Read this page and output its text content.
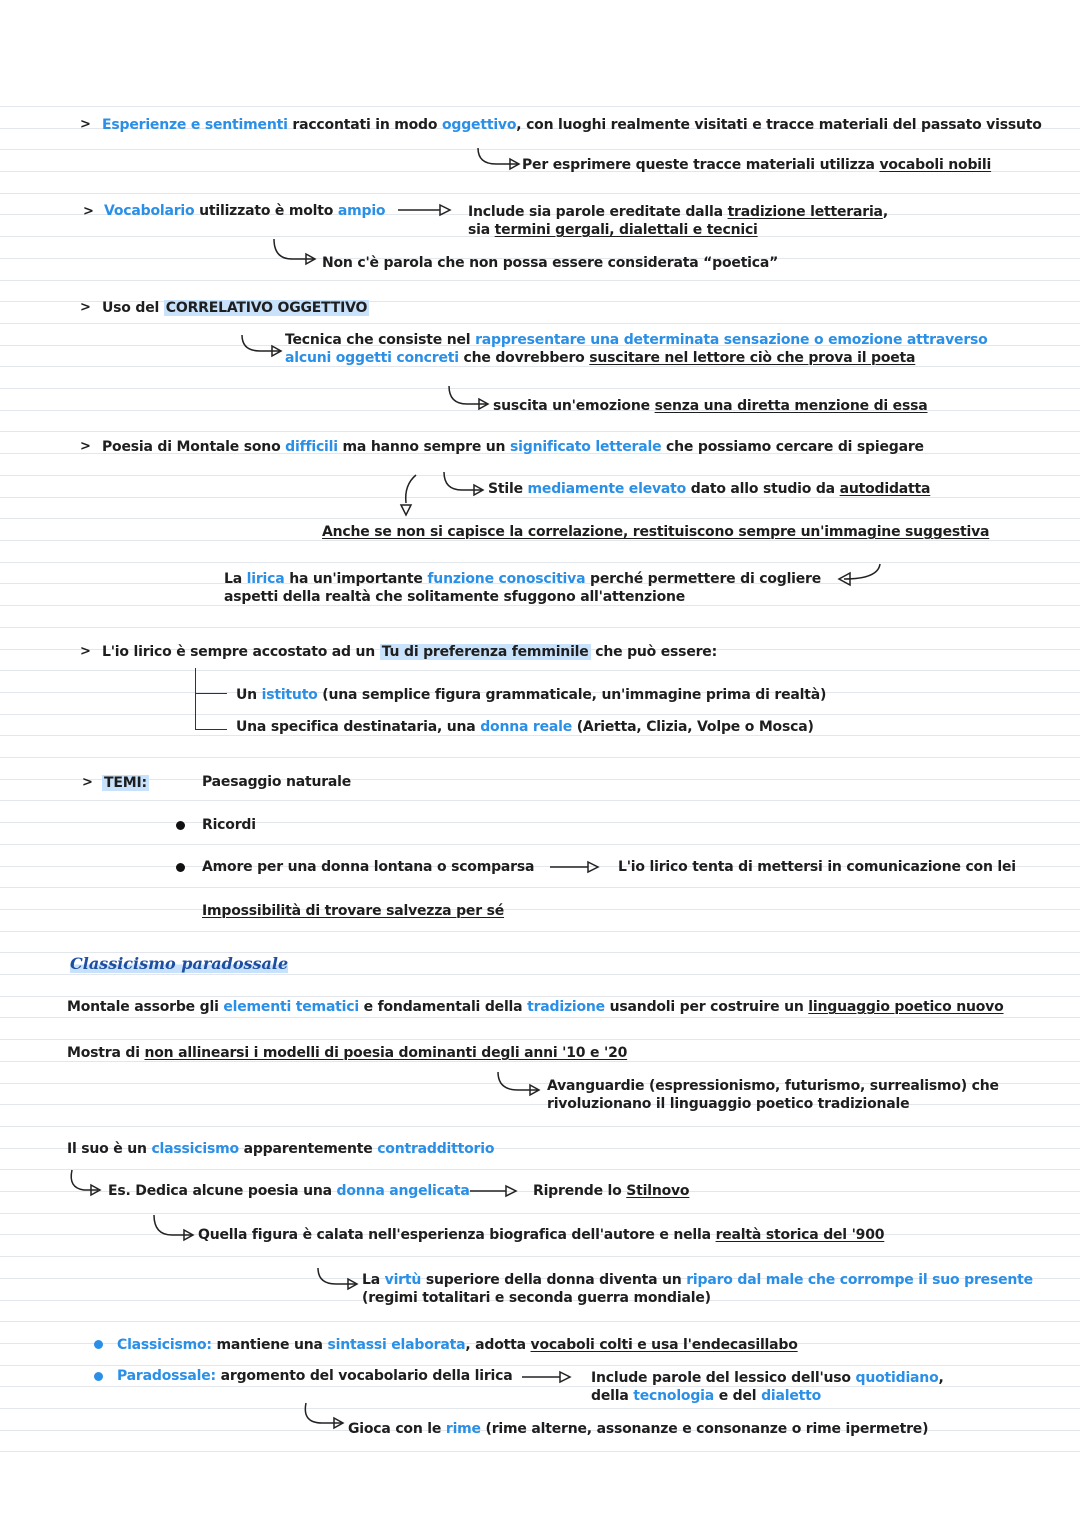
> Esperienze e sentimenti raccontati in modo oggettivo, con luoghi realmente visitati e tracce materiali del passato vissuto
Per esprimere queste tracce materiali utilizza vocaboli nobili
> Vocabolario utilizzato è molto ampio	Include sia parole ereditate dalla tradizione letteraria,
sia termini gergali, dialettali e tecnici
Non c'è parola che non possa essere considerata “poetica”
> Uso del CORRELATIVO OGGETTIVO
Tecnica che consiste nel rappresentare una determinata sensazione o emozione attraverso
alcuni oggetti concreti che dovrebbero suscitare nel lettore ciò che prova il poeta
suscita un'emozione senza una diretta menzione di essa
> Poesia di Montale sono difficili ma hanno sempre un significato letterale che possiamo cercare di spiegare
Stile mediamente elevato dato allo studio da autodidatta
Anche se non si capisce la correlazione, restituiscono sempre un'immagine suggestiva
La lirica ha un'importante funzione conoscitiva perché permettere di cogliere
aspetti della realtà che solitamente sfuggono all'attenzione
> L'io lirico è sempre accostato ad un Tu di preferenza femminile che può essere:
Un istituto (una semplice figura grammaticale, un'immagine prima di realtà)
Una specifica destinataria, una donna reale (Arietta, Clizia, Volpe o Mosca)
> TEMI:	Paesaggio naturale
Ricordi
Amore per una donna lontana o scomparsa	L'io lirico tenta di mettersi in comunicazione con lei
Impossibilità di trovare salvezza per sé
Classicismo paradossale
Montale assorbe gli elementi tematici e fondamentali della tradizione usandoli per costruire un linguaggio poetico nuovo
Mostra di non allinearsi i modelli di poesia dominanti degli anni '10 e '20
Avanguardie (espressionismo, futurismo, surrealismo) che
rivoluzionano il linguaggio poetico tradizionale
Il suo è un classicismo apparentemente contraddittorio
Es. Dedica alcune poesia una donna angelicata	Riprende lo Stilnovo
Quella figura è calata nell'esperienza biografica dell'autore e nella realtà storica del '900
La virtù superiore della donna diventa un riparo dal male che corrompe il suo presente
(regimi totalitari e seconda guerra mondiale)
Classicismo: mantiene una sintassi elaborata, adotta vocaboli colti e usa l'endecasillabo
Paradossale: argomento del vocabolario della lirica	Include parole del lessico dell'uso quotidiano,
della tecnologia e del dialetto
Gioca con le rime (rime alterne, assonanze e consonanze o rime ipermetre)
